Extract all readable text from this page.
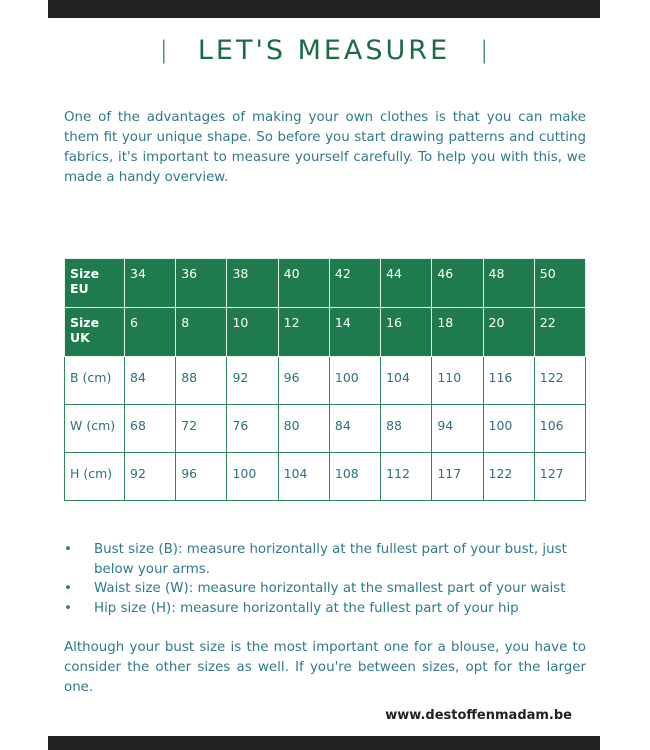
| LET'S MEASURE |

One of the advantages of making your own clothes is that you can make them fit your unique shape. So before you start drawing patterns and cutting fabrics, it's important to measure yourself carefully. To help you with this, we made a handy overview.

Size EU	34	36	38	40	42	44	46	48	50
Size UK	6	8	10	12	14	16	18	20	22
B (cm)	84	88	92	96	100	104	110	116	122
W (cm)	68	72	76	80	84	88	94	100	106
H (cm)	92	96	100	104	108	112	117	122	127
• Bust size (B): measure horizontally at the fullest part of your bust, just below your arms.
• Waist size (W): measure horizontally at the smallest part of your waist
• Hip size (H): measure horizontally at the fullest part of your hip

Although your bust size is the most important one for a blouse, you have to consider the other sizes as well. If you're between sizes, opt for the larger one.

www.destoffenmadam.be
